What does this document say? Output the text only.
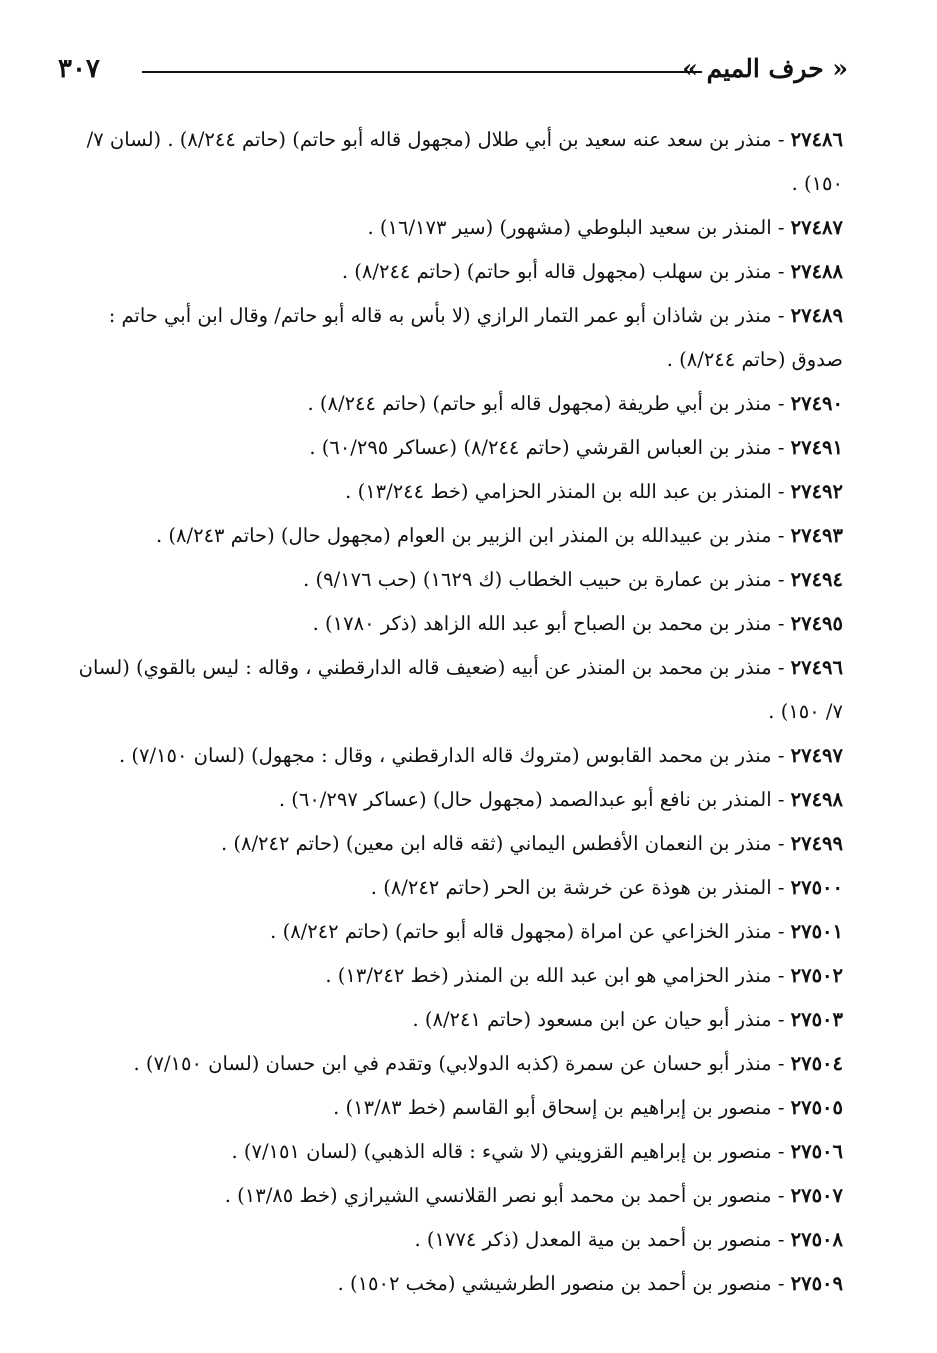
« حرف الميم »
٣٠٧
٢٧٤٨٦ - منذر بن سعد عنه سعيد بن أبي طلال (مجهول قاله أبو حاتم) (حاتم ٨/٢٤٤) . (لسان ٧/ ١٥٠) .
٢٧٤٨٧ - المنذر بن سعيد البلوطي (مشهور) (سير ١٦/١٧٣) .
٢٧٤٨٨ - منذر بن سهلب (مجهول قاله أبو حاتم) (حاتم ٨/٢٤٤) .
٢٧٤٨٩ - منذر بن شاذان أبو عمر التمار الرازي (لا بأس به قاله أبو حاتم/ وقال ابن أبي حاتم : صدوق (حاتم ٨/٢٤٤) .
٢٧٤٩٠ - منذر بن أبي طريفة (مجهول قاله أبو حاتم) (حاتم ٨/٢٤٤) .
٢٧٤٩١ - منذر بن العباس القرشي (حاتم ٨/٢٤٤) (عساكر ٦٠/٢٩٥) .
٢٧٤٩٢ - المنذر بن عبد الله بن المنذر الحزامي (خط ١٣/٢٤٤) .
٢٧٤٩٣ - منذر بن عبيدالله بن المنذر ابن الزبير بن العوام (مجهول حال) (حاتم ٨/٢٤٣) .
٢٧٤٩٤ - منذر بن عمارة بن حبيب الخطاب (ك ١٦٢٩) (حب ٩/١٧٦) .
٢٧٤٩٥ - منذر بن محمد بن الصباح أبو عبد الله الزاهد (ذكر ١٧٨٠) .
٢٧٤٩٦ - منذر بن محمد بن المنذر عن أبيه (ضعيف قاله الدارقطني ، وقاله : ليس بالقوي) (لسان ٧/ ١٥٠) .
٢٧٤٩٧ - منذر بن محمد القابوس (متروك قاله الدارقطني ، وقال : مجهول) (لسان ٧/١٥٠) .
٢٧٤٩٨ - المنذر بن نافع أبو عبدالصمد (مجهول حال) (عساكر ٦٠/٢٩٧) .
٢٧٤٩٩ - منذر بن النعمان الأفطس اليماني (ثقه قاله ابن معين) (حاتم ٨/٢٤٢) .
٢٧٥٠٠ - المنذر بن هوذة عن خرشة بن الحر (حاتم ٨/٢٤٢) .
٢٧٥٠١ - منذر الخزاعي عن امراة (مجهول قاله أبو حاتم) (حاتم ٨/٢٤٢) .
٢٧٥٠٢ - منذر الحزامي هو ابن عبد الله بن المنذر (خط ١٣/٢٤٢) .
٢٧٥٠٣ - منذر أبو حيان عن ابن مسعود (حاتم ٨/٢٤١) .
٢٧٥٠٤ - منذر أبو حسان عن سمرة (كذبه الدولابي) وتقدم في ابن حسان (لسان ٧/١٥٠) .
٢٧٥٠٥ - منصور بن إبراهيم بن إسحاق أبو القاسم (خط ١٣/٨٣) .
٢٧٥٠٦ - منصور بن إبراهيم القزويني (لا شيء : قاله الذهبي) (لسان ٧/١٥١) .
٢٧٥٠٧ - منصور بن أحمد بن محمد أبو نصر القلانسي الشيرازي (خط ١٣/٨٥) .
٢٧٥٠٨ - منصور بن أحمد بن مية المعدل (ذكر ١٧٧٤) .
٢٧٥٠٩ - منصور بن أحمد بن منصور الطرشيشي (مخب ١٥٠٢) .
